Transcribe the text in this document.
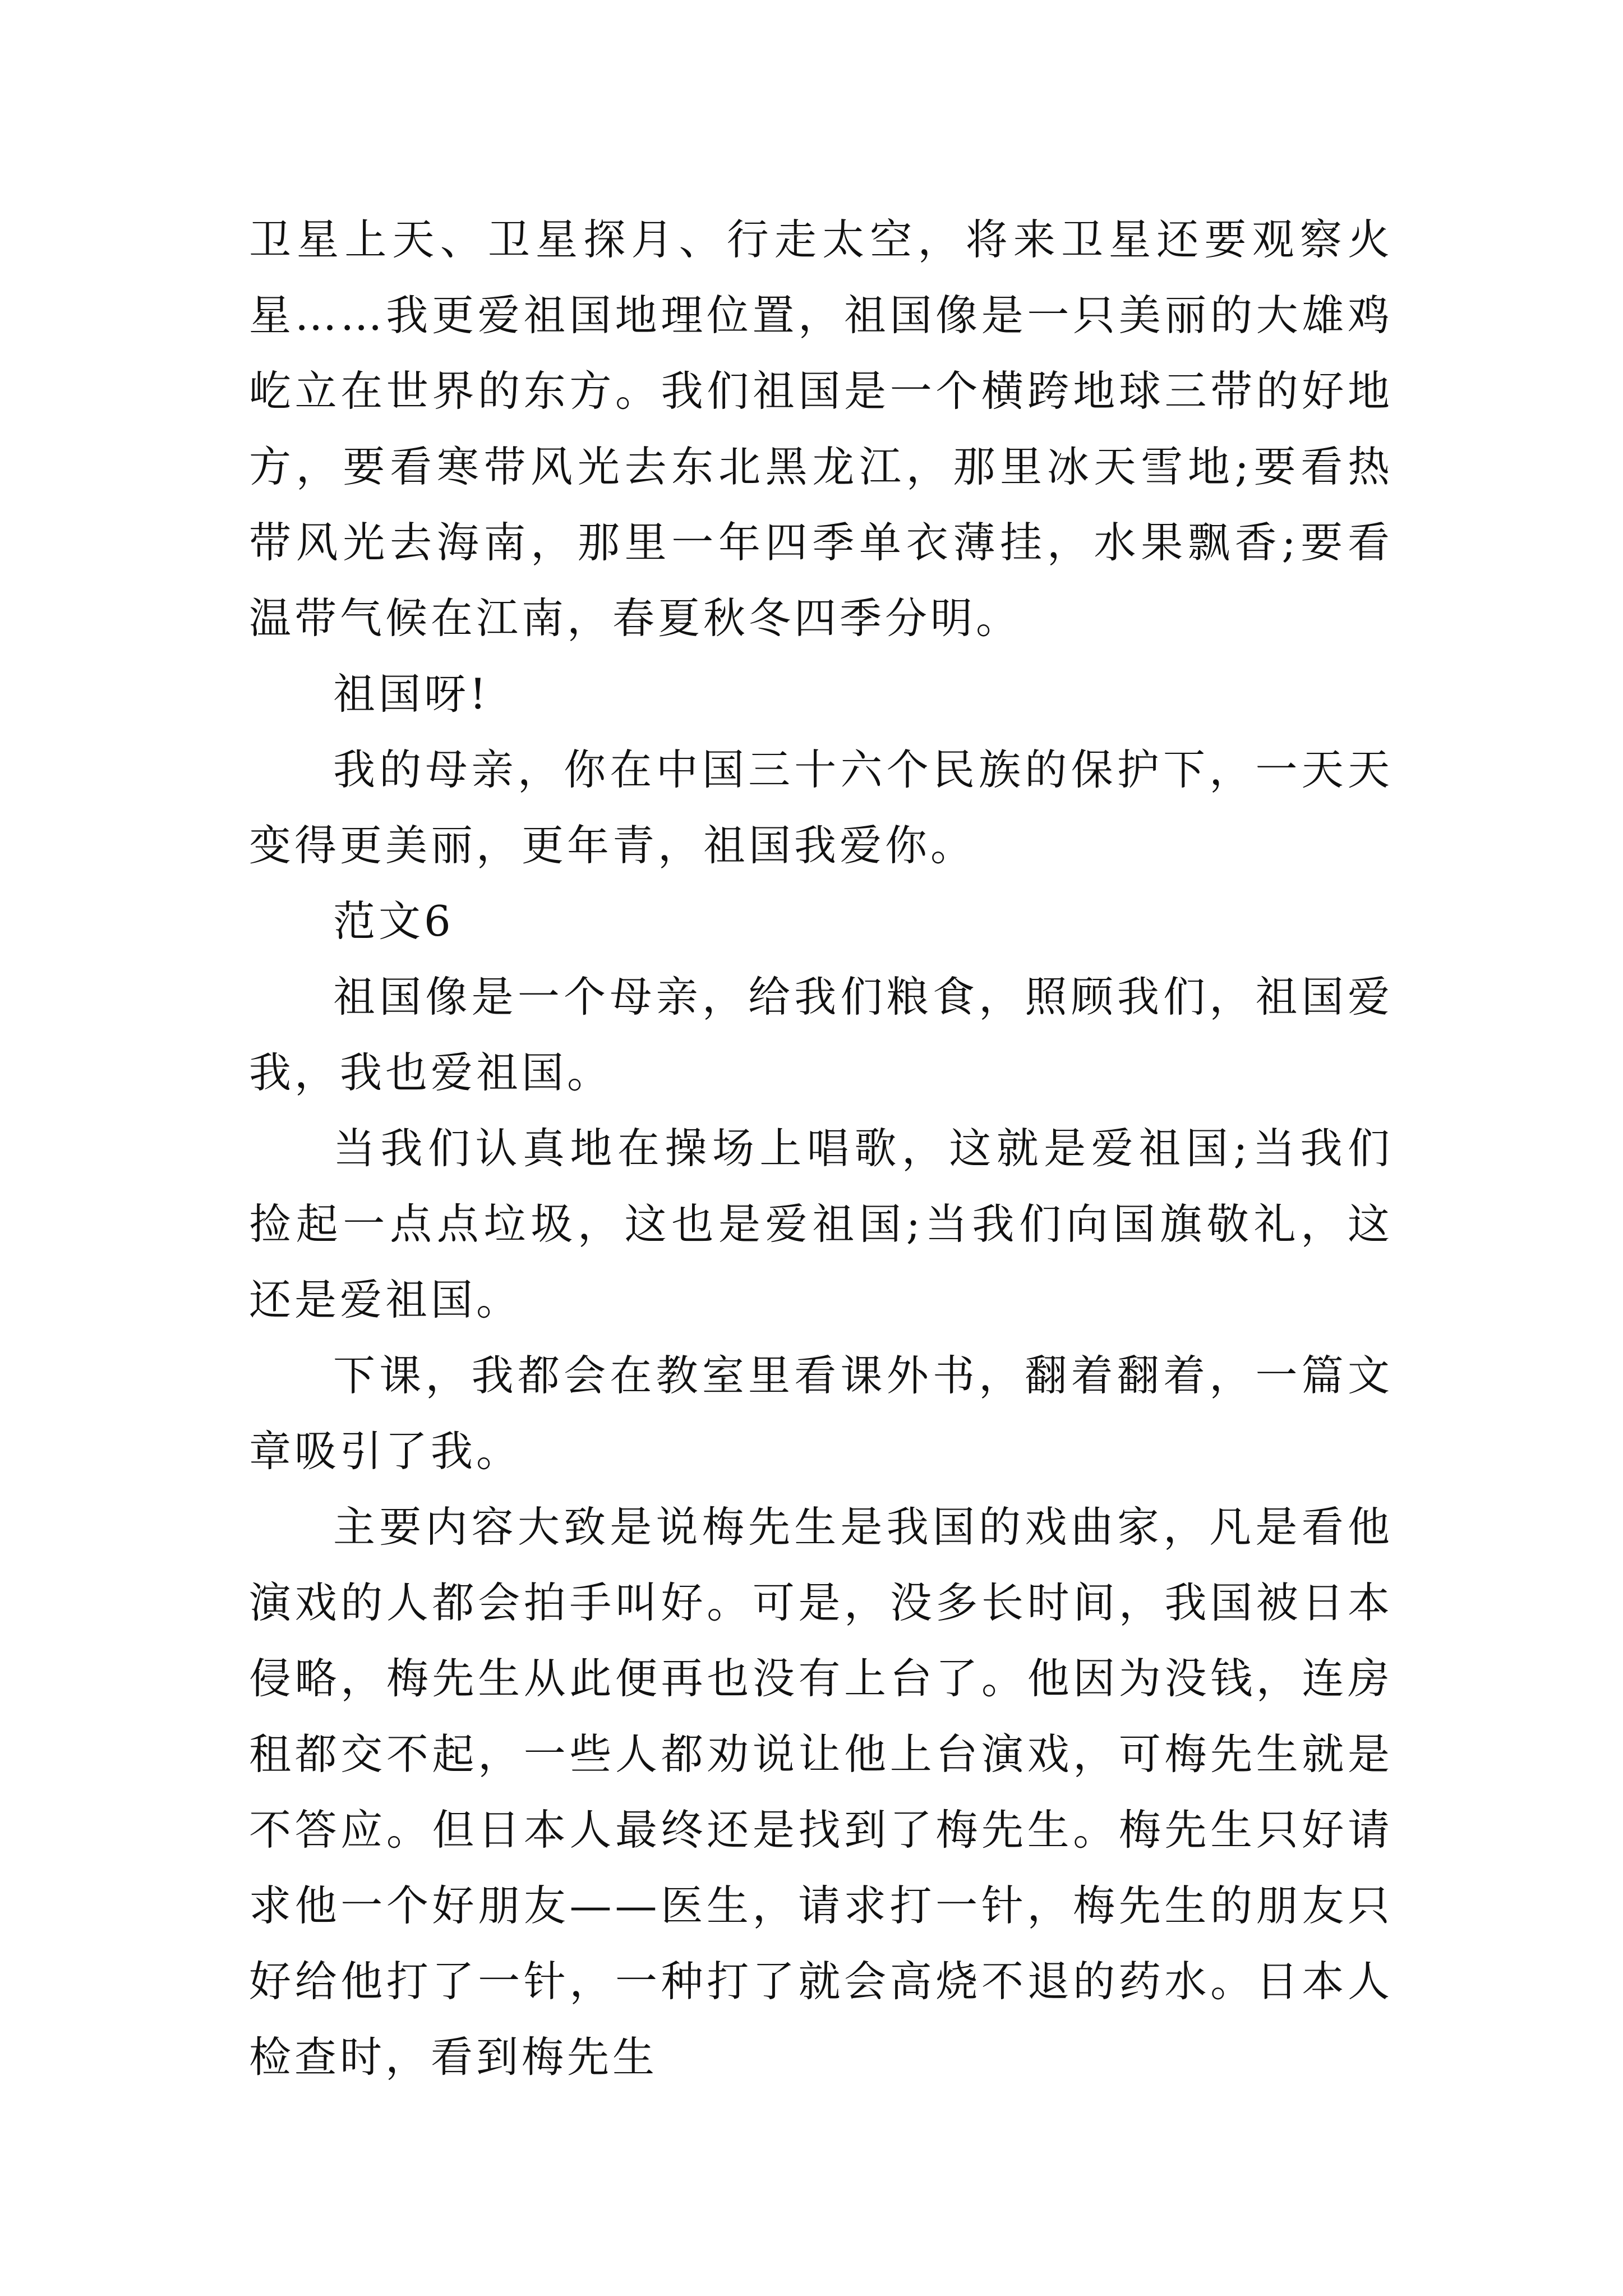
卫星上天、卫星探月、行走太空，将来卫星还要观察火星……我更爱祖国地理位置，祖国像是一只美丽的大雄鸡屹立在世界的东方。我们祖国是一个横跨地球三带的好地方，要看寒带风光去东北黑龙江，那里冰天雪地;要看热带风光去海南，那里一年四季单衣薄挂，水果飘香;要看温带气候在江南，春夏秋冬四季分明。

祖国呀!

我的母亲，你在中国三十六个民族的保护下，一天天变得更美丽，更年青，祖国我爱你。

范文6

祖国像是一个母亲，给我们粮食，照顾我们，祖国爱我，我也爱祖国。

当我们认真地在操场上唱歌，这就是爱祖国;当我们捡起一点点垃圾，这也是爱祖国;当我们向国旗敬礼，这还是爱祖国。

下课，我都会在教室里看课外书，翻着翻着，一篇文章吸引了我。

主要内容大致是说梅先生是我国的戏曲家，凡是看他演戏的人都会拍手叫好。可是，没多长时间，我国被日本侵略，梅先生从此便再也没有上台了。他因为没钱，连房租都交不起，一些人都劝说让他上台演戏，可梅先生就是不答应。但日本人最终还是找到了梅先生。梅先生只好请求他一个好朋友——医生，请求打一针，梅先生的朋友只好给他打了一针，一种打了就会高烧不退的药水。日本人检查时，看到梅先生
